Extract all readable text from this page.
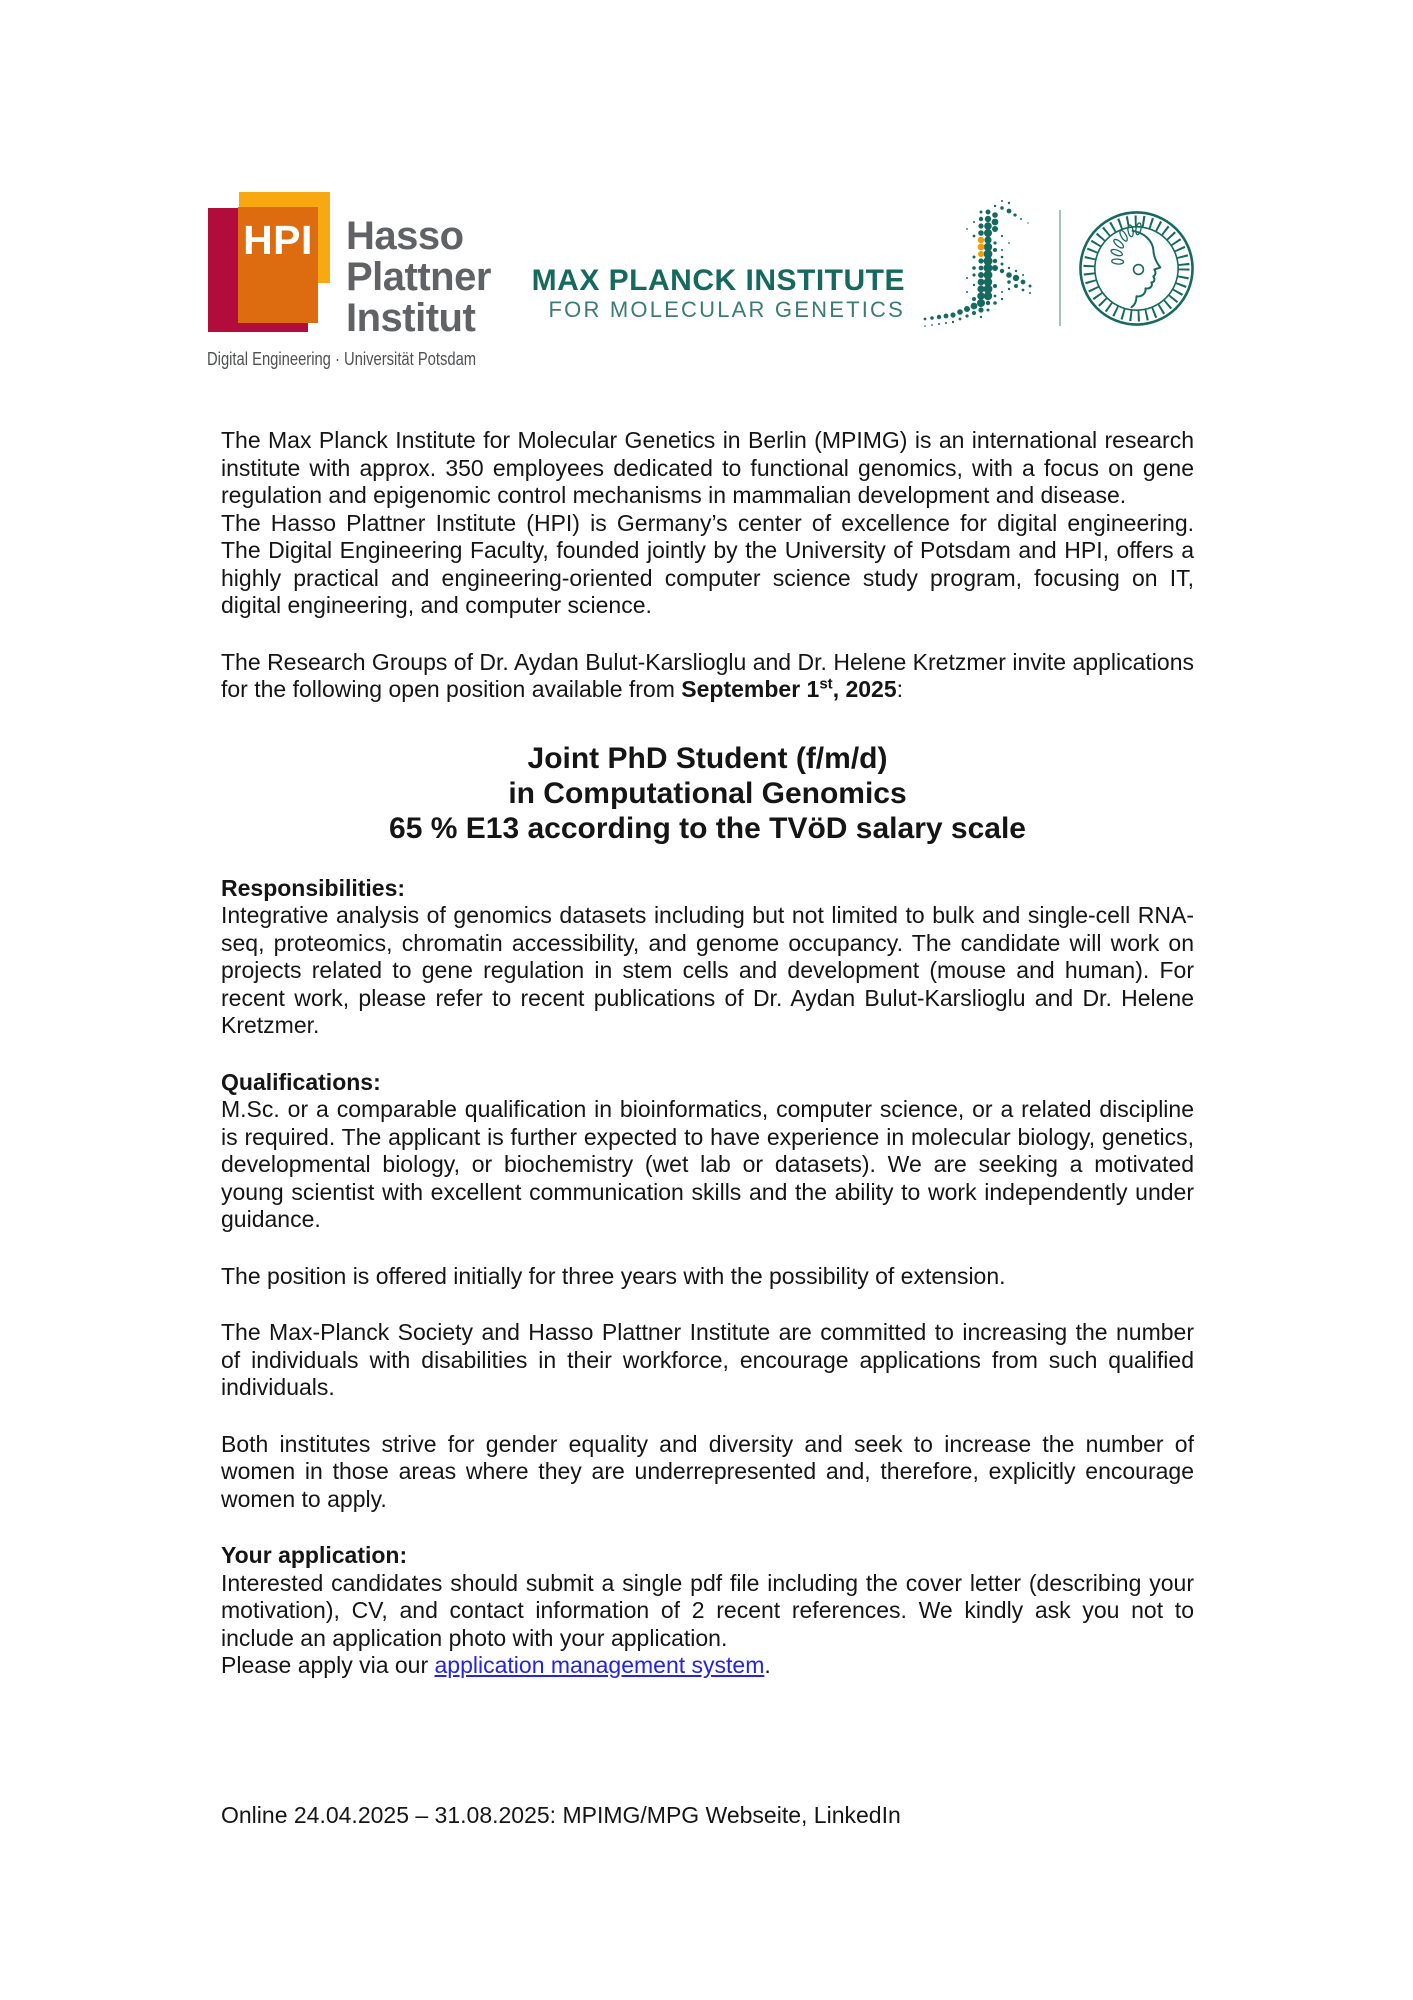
HPI Hasso
Plattner
Institut
Digital Engineering · Universität Potsdam
MAX PLANCK INSTITUTE
FOR MOLECULAR GENETICS

The Max Planck Institute for Molecular Genetics in Berlin (MPIMG) is an international research institute with approx. 350 employees dedicated to functional genomics, with a focus on gene regulation and epigenomic control mechanisms in mammalian development and disease.

The Hasso Plattner Institute (HPI) is Germany’s center of excellence for digital engineering. The Digital Engineering Faculty, founded jointly by the University of Potsdam and HPI, offers a highly practical and engineering-oriented computer science study program, focusing on IT, digital engineering, and computer science.

The Research Groups of Dr. Aydan Bulut-Karslioglu and Dr. Helene Kretzmer invite applications for the following open position available from September 1st, 2025:

Joint PhD Student (f/m/d)
in Computational Genomics
65 % E13 according to the TVöD salary scale
Responsibilities:
Integrative analysis of genomics datasets including but not limited to bulk and single-cell RNA-seq, proteomics, chromatin accessibility, and genome occupancy. The candidate will work on projects related to gene regulation in stem cells and development (mouse and human). For recent work, please refer to recent publications of Dr. Aydan Bulut-Karslioglu and Dr. Helene Kretzmer.
Qualifications:
M.Sc. or a comparable qualification in bioinformatics, computer science, or a related discipline is required. The applicant is further expected to have experience in molecular biology, genetics, developmental biology, or biochemistry (wet lab or datasets). We are seeking a motivated young scientist with excellent communication skills and the ability to work independently under guidance.

The position is offered initially for three years with the possibility of extension.

The Max-Planck Society and Hasso Plattner Institute are committed to increasing the number of individuals with disabilities in their workforce, encourage applications from such qualified individuals.

Both institutes strive for gender equality and diversity and seek to increase the number of women in those areas where they are underrepresented and, therefore, explicitly encourage women to apply.

Your application:
Interested candidates should submit a single pdf file including the cover letter (describing your motivation), CV, and contact information of 2 recent references. We kindly ask you not to include an application photo with your application.
Please apply via our application management system.
Online 24.04.2025 – 31.08.2025: MPIMG/MPG Webseite, LinkedIn
